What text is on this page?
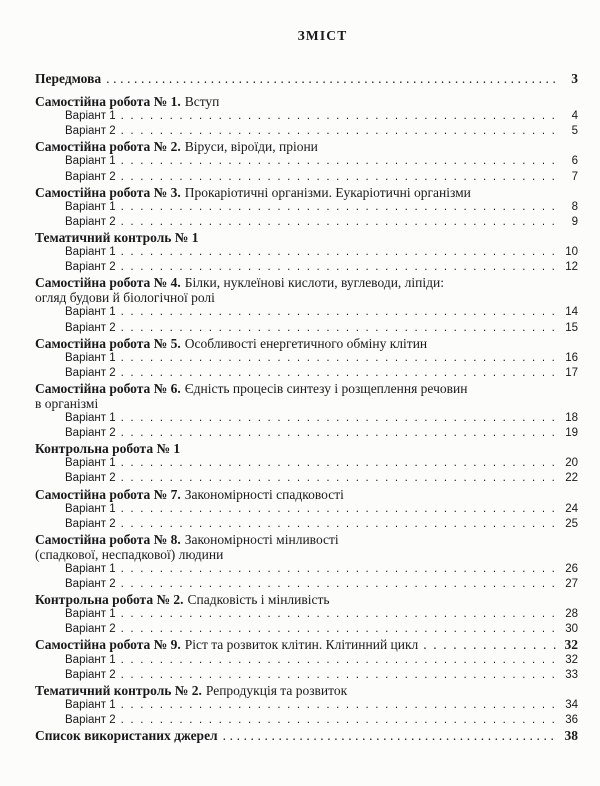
ЗМІСТ
Передмова .....	3
Самостійна робота № 1. Вступ
Варіант 1 .....	4
Варіант 2 .....	5
Самостійна робота № 2. Віруси, віроїди, пріони
Варіант 1 .....	6
Варіант 2 .....	7
Самостійна робота № 3. Прокаріотичні організми. Еукаріотичні організми
Варіант 1 .....	8
Варіант 2 .....	9
Тематичний контроль № 1
Варіант 1 .....	10
Варіант 2 .....	12
Самостійна робота № 4. Білки, нуклеїнові кислоти, вуглеводи, ліпіди:
огляд будови й біологічної ролі
Варіант 1 .....	14
Варіант 2 .....	15
Самостійна робота № 5. Особливості енергетичного обміну клітин
Варіант 1 .....	16
Варіант 2 .....	17
Самостійна робота № 6. Єдність процесів синтезу і розщеплення речовин
в організмі
Варіант 1 .....	18
Варіант 2 .....	19
Контрольна робота № 1
Варіант 1 .....	20
Варіант 2 .....	22
Самостійна робота № 7. Закономірності спадковості
Варіант 1 .....	24
Варіант 2 .....	25
Самостійна робота № 8. Закономірності мінливості
(спадкової, неспадкової) людини
Варіант 1 .....	26
Варіант 2 .....	27
Контрольна робота № 2. Спадковість і мінливість
Варіант 1 .....	28
Варіант 2 .....	30
Самостійна робота № 9. Ріст та розвиток клітин. Клітинний цикл .....	32
Варіант 1 .....	32
Варіант 2 .....	33
Тематичний контроль № 2. Репродукція та розвиток
Варіант 1 .....	34
Варіант 2 .....	36
Список використаних джерел .....	38
